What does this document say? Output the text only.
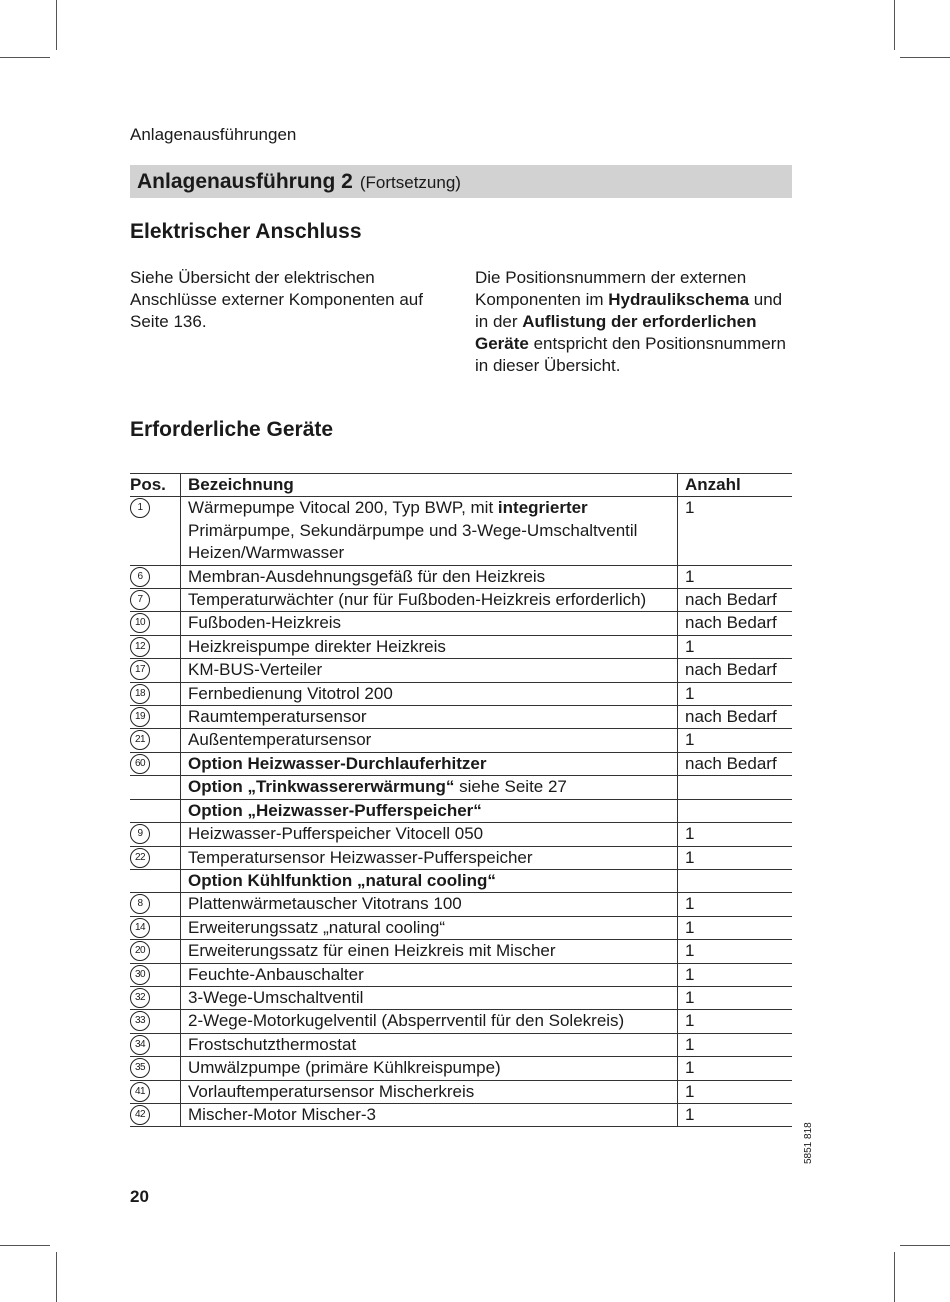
Anlagenausführungen
Anlagenausführung 2 (Fortsetzung)
Elektrischer Anschluss
Siehe Übersicht der elektrischen Anschlüsse externer Komponenten auf Seite 136.
Die Positionsnummern der externen Komponenten im Hydraulikschema und in der Auflistung der erforderlichen Geräte entspricht den Positionsnummern in dieser Übersicht.
Erforderliche Geräte
Pos.	Bezeichnung	Anzahl
1	Wärmepumpe Vitocal 200, Typ BWP, mit integrierter Primärpumpe, Sekundärpumpe und 3-Wege-Umschaltventil Heizen/Warmwasser	1
6	Membran-Ausdehnungsgefäß für den Heizkreis	1
7	Temperaturwächter (nur für Fußboden-Heizkreis erforderlich)	nach Bedarf
10	Fußboden-Heizkreis	nach Bedarf
12	Heizkreispumpe direkter Heizkreis	1
17	KM-BUS-Verteiler	nach Bedarf
18	Fernbedienung Vitotrol 200	1
19	Raumtemperatursensor	nach Bedarf
21	Außentemperatursensor	1
60	Option Heizwasser-Durchlauferhitzer	nach Bedarf
	Option „Trinkwassererwärmung“ siehe Seite 27	
	Option „Heizwasser-Pufferspeicher“	
9	Heizwasser-Pufferspeicher Vitocell 050	1
22	Temperatursensor Heizwasser-Pufferspeicher	1
	Option Kühlfunktion „natural cooling“	
8	Plattenwärmetauscher Vitotrans 100	1
14	Erweiterungssatz „natural cooling“	1
20	Erweiterungssatz für einen Heizkreis mit Mischer	1
30	Feuchte-Anbauschalter	1
32	3-Wege-Umschaltventil	1
33	2-Wege-Motorkugelventil (Absperrventil für den Solekreis)	1
34	Frostschutzthermostat	1
35	Umwälzpumpe (primäre Kühlkreispumpe)	1
41	Vorlauftemperatursensor Mischerkreis	1
42	Mischer-Motor Mischer-3	1
5851 818
20
